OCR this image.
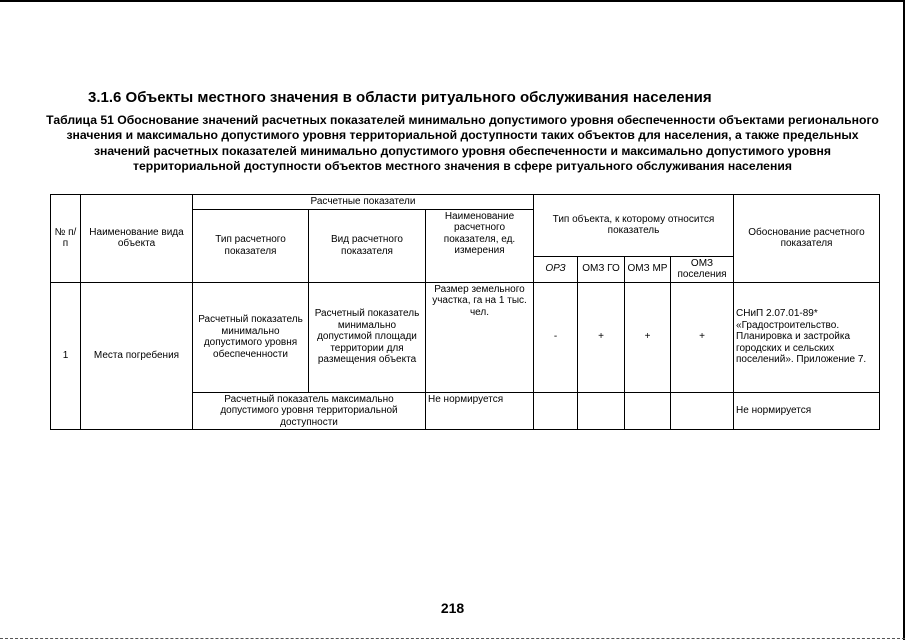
3.1.6 Объекты местного значения в области ритуального обслуживания населения
Таблица 51 Обоснование значений расчетных показателей минимально допустимого уровня обеспеченности объектами регионального значения и максимально допустимого уровня территориальной доступности таких объектов для населения, а также предельных значений расчетных показателей минимально допустимого уровня обеспеченности и максимально допустимого уровня территориальной доступности объектов местного значения в сфере ритуального обслуживания населения
№ п/п	Наименование вида объекта	Расчетные показатели			Тип объекта, к которому относится показатель				Обоснование расчетного показателя
		Тип расчетного показателя	Вид расчетного показателя	Наименование расчетного показателя, ед. измерения					
					ОРЗ	ОМЗ ГО	ОМЗ МР	ОМЗ поселения	
1	Места погребения	Расчетный показатель минимально допустимого уровня обеспеченности	Расчетный показатель минимально допустимой площади территории для размещения объекта	Размер земельного участка, га на 1 тыс. чел.	-	+	+	+	СНиП 2.07.01-89* «Градостроительство. Планировка и застройка городских и сельских поселений». Приложение 7.
		Расчетный показатель максимально допустимого уровня территориальной доступности		Не нормируется					Не нормируется
218
